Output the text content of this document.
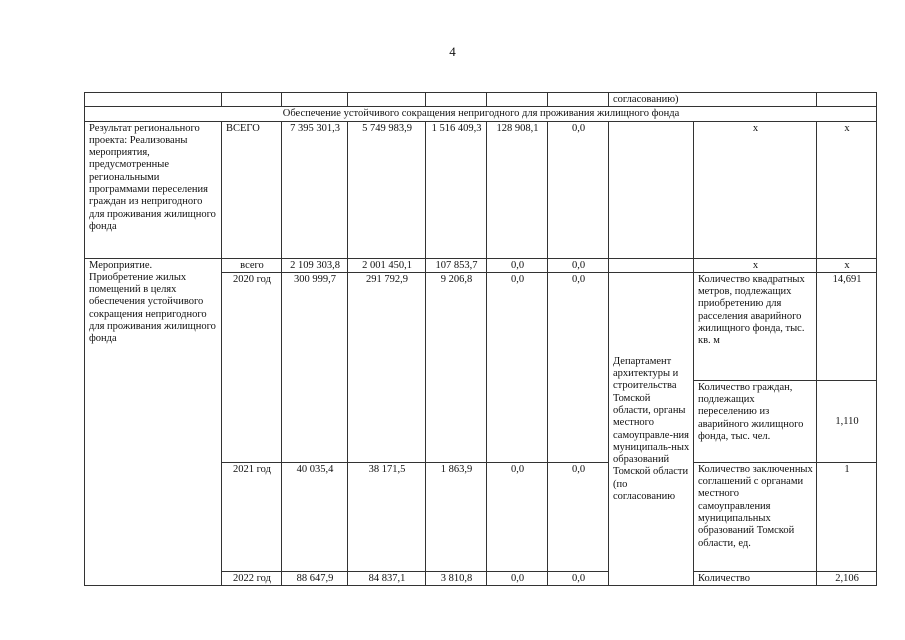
4
							согласованию)		
Обеспечение устойчивого сокращения непригодного для проживания жилищного фонда									
Результат регионального проекта: Реализованы мероприятия, предусмотренные региональными программами переселения граждан из непригодного для проживания жилищного фонда	ВСЕГО	7 395 301,3	5 749 983,9	1 516 409,3	128 908,1	0,0		х	х
Мероприятие. Приобретение жилых помещений в целях обеспечения устойчивого сокращения непригодного для проживания жилищного фонда	всего	2 109 303,8	2 001 450,1	107 853,7	0,0	0,0		х	х
	2020 год	300 999,7	291 792,9	9 206,8	0,0	0,0	Департамент архитектуры и строительства Томской области, органы местного самоуправле-ния муниципаль-ных образований Томской области (по согласованию	Количество квадратных метров, подлежащих приобретению для расселения аварийного жилищного фонда, тыс. кв. м	14,691
								Количество граждан, подлежащих переселению из аварийного жилищного фонда, тыс. чел.	1,110
	2021 год	40 035,4	38 171,5	1 863,9	0,0	0,0		Количество заключенных соглашений с органами местного самоуправления муниципальных образований Томской области, ед.	1
	2022 год	88 647,9	84 837,1	3 810,8	0,0	0,0		Количество	2,106
